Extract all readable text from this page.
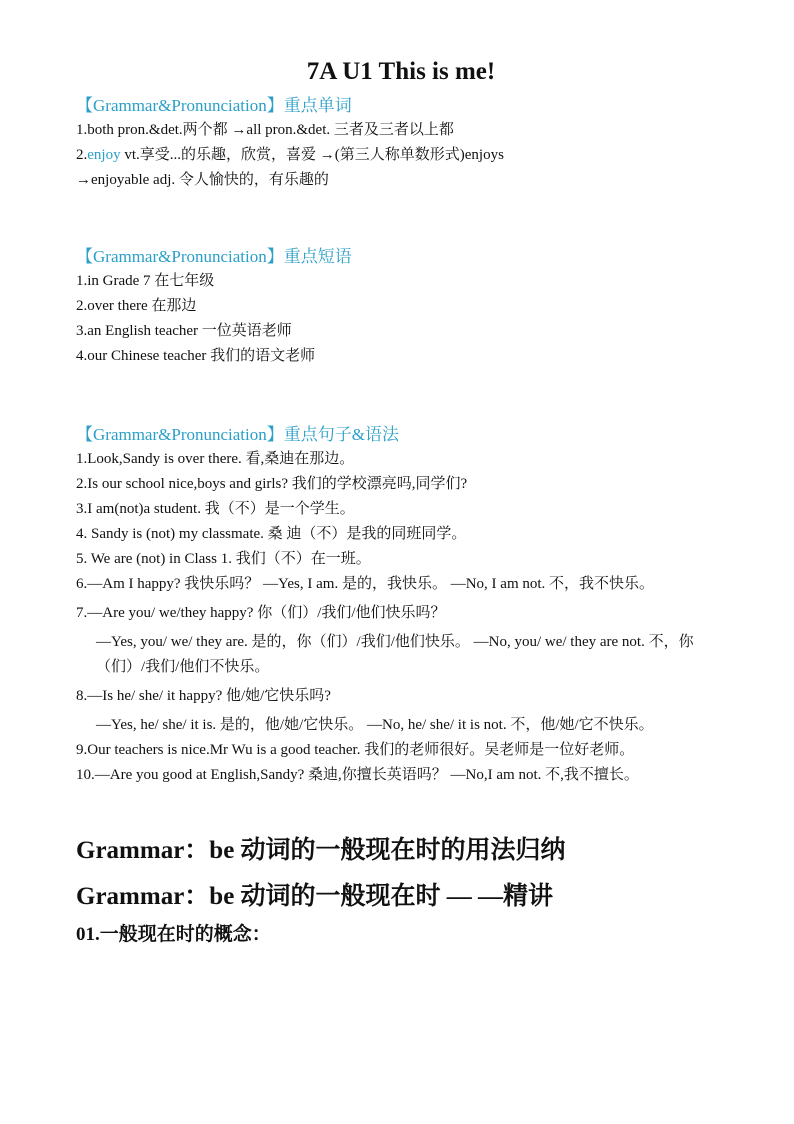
7A U1 This is me!

【Grammar&Pronunciation】重点单词

1.both pron.&det.两个都 →all pron.&det. 三者及三者以上都

2.enjoy vt.享受...的乐趣，欣赏，喜爱 →(第三人称单数形式)enjoys

→enjoyable adj. 令人愉快的，有乐趣的

【Grammar&Pronunciation】重点短语

1.in Grade 7 在七年级

2.over there 在那边

3.an English teacher 一位英语老师

4.our Chinese teacher 我们的语文老师

【Grammar&Pronunciation】重点句子&语法

1.Look,Sandy is over there. 看,桑迪在那边。

2.Is our school nice,boys and girls? 我们的学校漂亮吗,同学们?

3.I am(not)a student. 我（不）是一个学生。

4. Sandy is (not) my classmate. 桑 迪（不）是我的同班同学。

5. We are (not) in Class 1. 我们（不）在一班。

6.—Am I happy? 我快乐吗？ —Yes, I am. 是的，我快乐。 —No, I am not. 不，我不快乐。

7.—Are you/ we/they happy? 你（们）/我们/他们快乐吗？

—Yes, you/ we/ they are. 是的，你（们）/我们/他们快乐。 —No, you/ we/ they are not. 不，你（们）/我们/他们不快乐。

8.—Is he/ she/ it happy? 他/她/它快乐吗?

—Yes, he/ she/ it is. 是的，他/她/它快乐。 —No, he/ she/ it is not. 不，他/她/它不快乐。

9.Our teachers is nice.Mr Wu is a good teacher. 我们的老师很好。吴老师是一位好老师。

10.—Are you good at English,Sandy? 桑迪,你擅长英语吗？ —No,I am not. 不,我不擅长。

Grammar：be 动词的一般现在时的用法归纳

Grammar：be 动词的一般现在时 — —精讲

01.一般现在时的概念：
